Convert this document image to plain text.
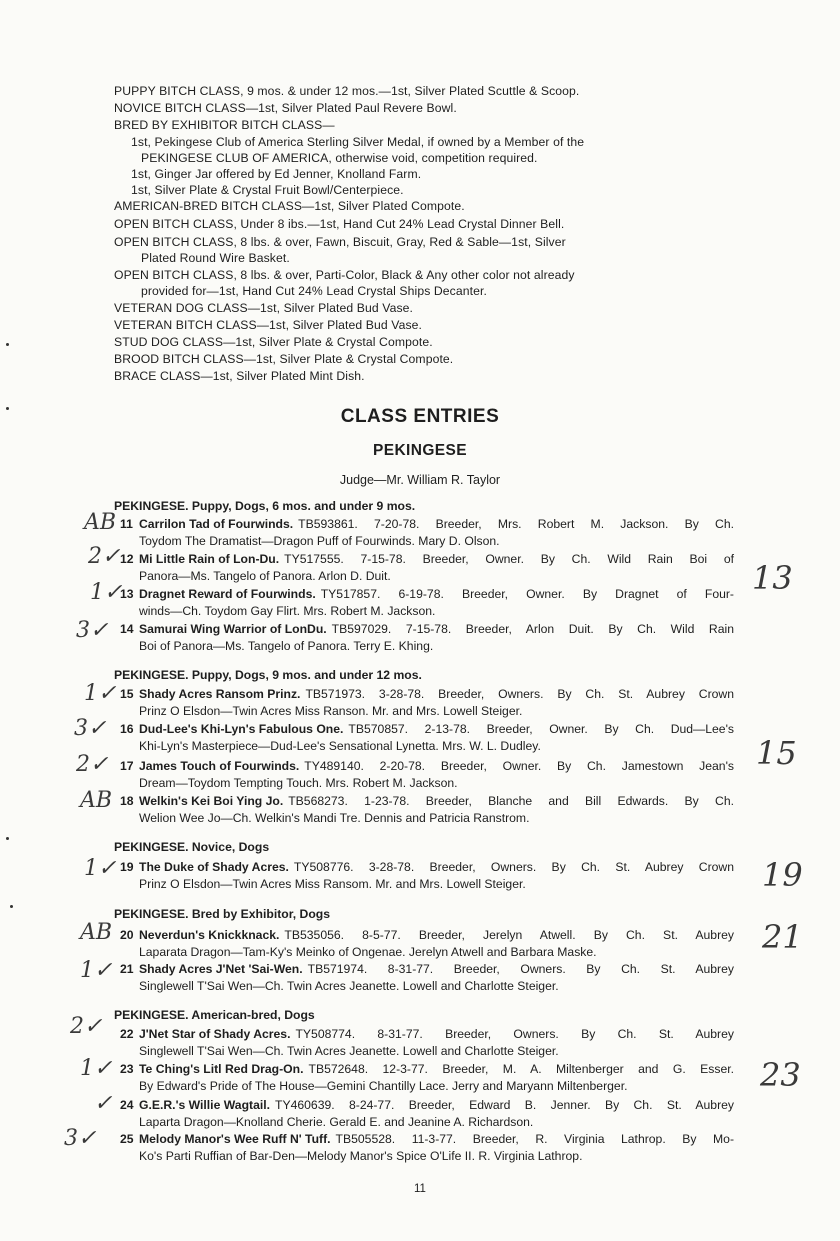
PUPPY BITCH CLASS, 9 mos. & under 12 mos.—1st, Silver Plated Scuttle & Scoop.
NOVICE BITCH CLASS—1st, Silver Plated Paul Revere Bowl.
BRED BY EXHIBITOR BITCH CLASS—
1st, Pekingese Club of America Sterling Silver Medal, if owned by a Member of the
PEKINGESE CLUB OF AMERICA, otherwise void, competition required.
1st, Ginger Jar offered by Ed Jenner, Knolland Farm.
1st, Silver Plate & Crystal Fruit Bowl/Centerpiece.
AMERICAN-BRED BITCH CLASS—1st, Silver Plated Compote.
OPEN BITCH CLASS, Under 8 ibs.—1st, Hand Cut 24% Lead Crystal Dinner Bell.
OPEN BITCH CLASS, 8 lbs. & over, Fawn, Biscuit, Gray, Red & Sable—1st, Silver
Plated Round Wire Basket.
OPEN BITCH CLASS, 8 lbs. & over, Parti-Color, Black & Any other color not already
provided for—1st, Hand Cut 24% Lead Crystal Ships Decanter.
VETERAN DOG CLASS—1st, Silver Plated Bud Vase.
VETERAN BITCH CLASS—1st, Silver Plated Bud Vase.
STUD DOG CLASS—1st, Silver Plate & Crystal Compote.
BROOD BITCH CLASS—1st, Silver Plate & Crystal Compote.
BRACE CLASS—1st, Silver Plated Mint Dish.
CLASS ENTRIES
PEKINGESE
Judge—Mr. William R. Taylor
PEKINGESE. Puppy, Dogs, 6 mos. and under 9 mos.
11 Carrilon Tad of Fourwinds. TB593861. 7-20-78. Breeder, Mrs. Robert M. Jackson. By Ch.
Toydom The Dramatist—Dragon Puff of Fourwinds. Mary D. Olson.
12 Mi Little Rain of Lon-Du. TY517555. 7-15-78. Breeder, Owner. By Ch. Wild Rain Boi of
Panora—Ms. Tangelo of Panora. Arlon D. Duit.
13 Dragnet Reward of Fourwinds. TY517857. 6-19-78. Breeder, Owner. By Dragnet of Four-
winds—Ch. Toydom Gay Flirt. Mrs. Robert M. Jackson.
14 Samurai Wing Warrior of LonDu. TB597029. 7-15-78. Breeder, Arlon Duit. By Ch. Wild Rain
Boi of Panora—Ms. Tangelo of Panora. Terry E. Khing.
PEKINGESE. Puppy, Dogs, 9 mos. and under 12 mos.
15 Shady Acres Ransom Prinz. TB571973. 3-28-78. Breeder, Owners. By Ch. St. Aubrey Crown
Prinz O Elsdon—Twin Acres Miss Ranson. Mr. and Mrs. Lowell Steiger.
16 Dud-Lee's Khi-Lyn's Fabulous One. TB570857. 2-13-78. Breeder, Owner. By Ch. Dud—Lee's
Khi-Lyn's Masterpiece—Dud-Lee's Sensational Lynetta. Mrs. W. L. Dudley.
17 James Touch of Fourwinds. TY489140. 2-20-78. Breeder, Owner. By Ch. Jamestown Jean's
Dream—Toydom Tempting Touch. Mrs. Robert M. Jackson.
18 Welkin's Kei Boi Ying Jo. TB568273. 1-23-78. Breeder, Blanche and Bill Edwards. By Ch.
Welion Wee Jo—Ch. Welkin's Mandi Tre. Dennis and Patricia Ranstrom.
PEKINGESE. Novice, Dogs
19 The Duke of Shady Acres. TY508776. 3-28-78. Breeder, Owners. By Ch. St. Aubrey Crown
Prinz O Elsdon—Twin Acres Miss Ransom. Mr. and Mrs. Lowell Steiger.
PEKINGESE. Bred by Exhibitor, Dogs
20 Neverdun's Knickknack. TB535056. 8-5-77. Breeder, Jerelyn Atwell. By Ch. St. Aubrey
Laparata Dragon—Tam-Ky's Meinko of Ongenae. Jerelyn Atwell and Barbara Maske.
21 Shady Acres J'Net 'Sai-Wen. TB571974. 8-31-77. Breeder, Owners. By Ch. St. Aubrey
Singlewell T'Sai Wen—Ch. Twin Acres Jeanette. Lowell and Charlotte Steiger.
PEKINGESE. American-bred, Dogs
22 J'Net Star of Shady Acres. TY508774. 8-31-77. Breeder, Owners. By Ch. St. Aubrey
Singlewell T'Sai Wen—Ch. Twin Acres Jeanette. Lowell and Charlotte Steiger.
23 Te Ching's Litl Red Drag-On. TB572648. 12-3-77. Breeder, M. A. Miltenberger and G. Esser.
By Edward's Pride of The House—Gemini Chantilly Lace. Jerry and Maryann Miltenberger.
24 G.E.R.'s Willie Wagtail. TY460639. 8-24-77. Breeder, Edward B. Jenner. By Ch. St. Aubrey
Laparta Dragon—Knolland Cherie. Gerald E. and Jeanine A. Richardson.
25 Melody Manor's Wee Ruff N' Tuff. TB505528. 11-3-77. Breeder, R. Virginia Lathrop. By Mo-
Ko's Parti Ruffian of Bar-Den—Melody Manor's Spice O'Life II. R. Virginia Lathrop.
AB
2✓
1✓
3✓
1✓
3✓
2✓
AB
1✓
AB
1✓
2✓
1✓
✓
3✓
13
15
19
21
23
11
